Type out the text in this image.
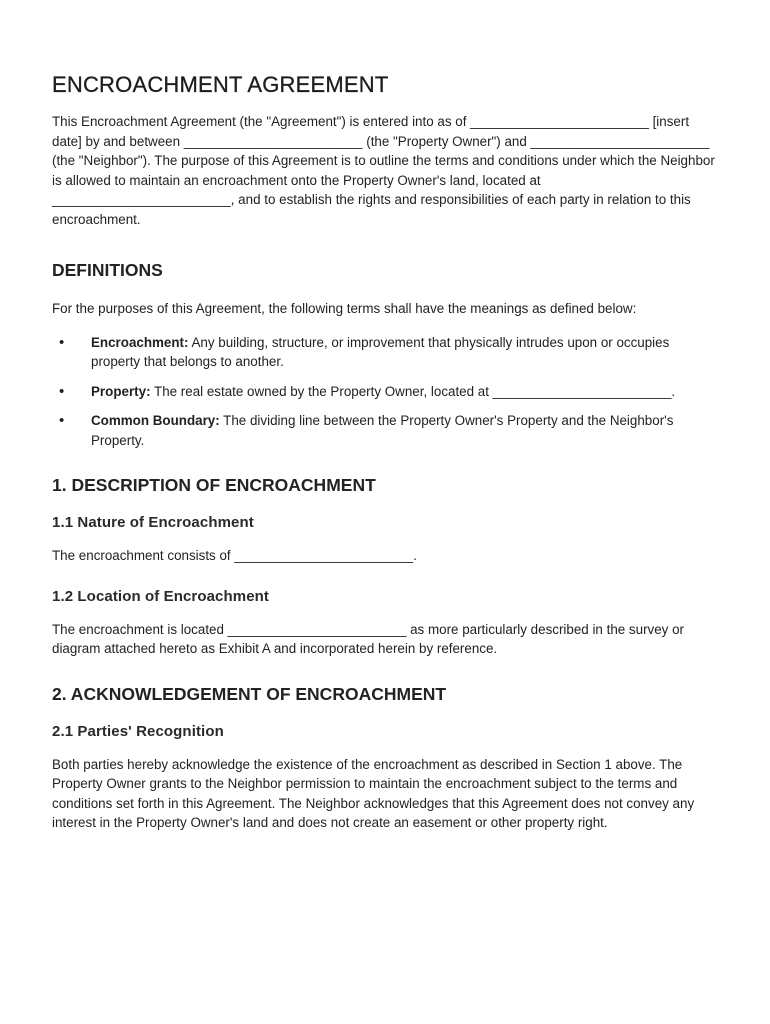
ENCROACHMENT AGREEMENT

This Encroachment Agreement (the "Agreement") is entered into as of ________________________ [insert date] by and between ________________________ (the "Property Owner") and ________________________ (the "Neighbor"). The purpose of this Agreement is to outline the terms and conditions under which the Neighbor is allowed to maintain an encroachment onto the Property Owner's land, located at ________________________, and to establish the rights and responsibilities of each party in relation to this encroachment.

DEFINITIONS

For the purposes of this Agreement, the following terms shall have the meanings as defined below:

• Encroachment: Any building, structure, or improvement that physically intrudes upon or occupies property that belongs to another.
• Property: The real estate owned by the Property Owner, located at ________________________.
• Common Boundary: The dividing line between the Property Owner's Property and the Neighbor's Property.
1. DESCRIPTION OF ENCROACHMENT
1.1 Nature of Encroachment

The encroachment consists of ________________________.

1.2 Location of Encroachment

The encroachment is located ________________________ as more particularly described in the survey or diagram attached hereto as Exhibit A and incorporated herein by reference.

2. ACKNOWLEDGEMENT OF ENCROACHMENT
2.1 Parties' Recognition

Both parties hereby acknowledge the existence of the encroachment as described in Section 1 above. The Property Owner grants to the Neighbor permission to maintain the encroachment subject to the terms and conditions set forth in this Agreement. The Neighbor acknowledges that this Agreement does not convey any interest in the Property Owner's land and does not create an easement or other property right.
